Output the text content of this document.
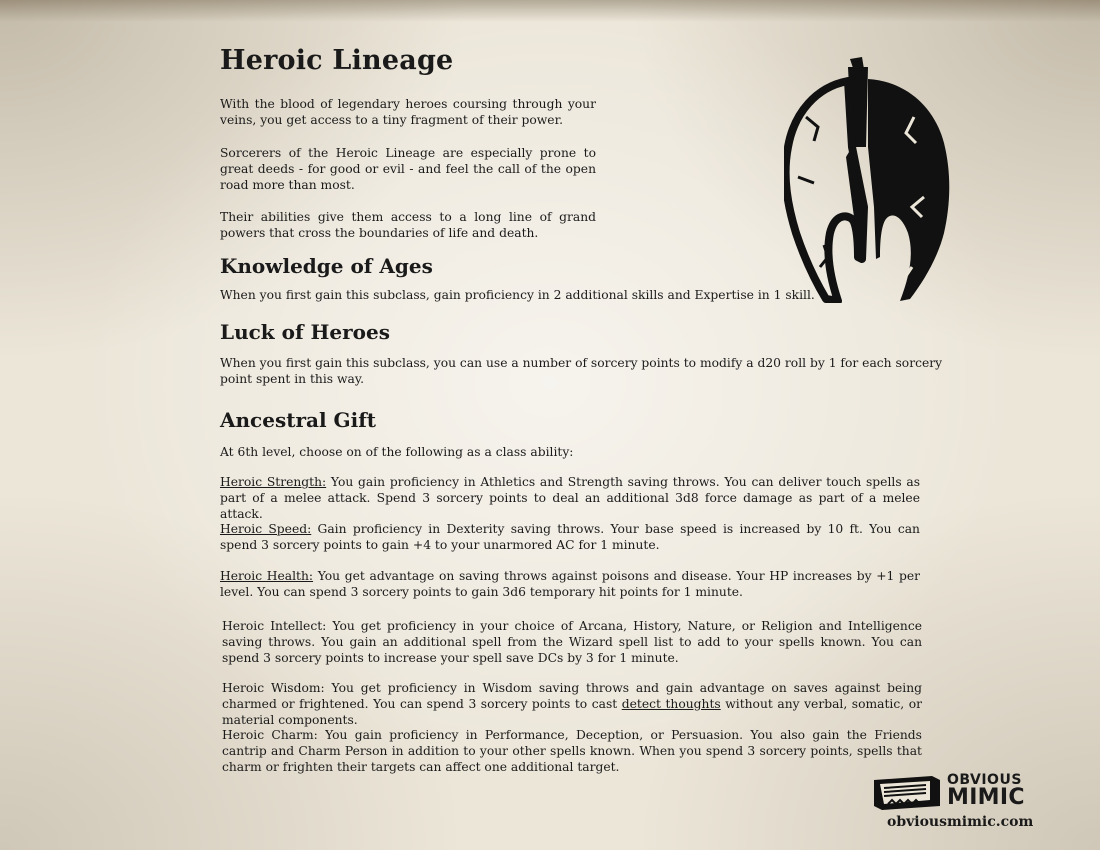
Heroic Lineage

With the blood of legendary heroes coursing through your veins, you get access to a tiny fragment of their power.

Sorcerers of the Heroic Lineage are especially prone to great deeds - for good or evil - and feel the call of the open road more than most.

Their abilities give them access to a long line of grand powers that cross the boundaries of life and death.

Knowledge of Ages

When you first gain this subclass, gain proficiency in 2 additional skills and Expertise in 1 skill.

Luck of Heroes

When you first gain this subclass, you can use a number of sorcery points to modify a d20 roll by 1 for each sorcery point spent in this way.

Ancestral Gift

At 6th level, choose on of the following as a class ability:

Heroic Strength: You gain proficiency in Athletics and Strength saving throws. You can deliver touch spells as part of a melee attack. Spend 3 sorcery points to deal an additional 3d8 force damage as part of a melee attack.

Heroic Speed: Gain proficiency in Dexterity saving throws. Your base speed is increased by 10 ft. You can spend 3 sorcery points to gain +4 to your unarmored AC for 1 minute.

Heroic Health: You get advantage on saving throws against poisons and disease. Your HP increases by +1 per level. You can spend 3 sorcery points to gain 3d6 temporary hit points for 1 minute.

Heroic Intellect: You get proficiency in your choice of Arcana, History, Nature, or Religion and Intelligence saving throws. You gain an additional spell from the Wizard spell list to add to your spells known. You can spend 3 sorcery points to increase your spell save DCs by 3 for 1 minute.

Heroic Wisdom: You get proficiency in Wisdom saving throws and gain advantage on saves against being charmed or frightened. You can spend 3 sorcery points to cast detect thoughts without any verbal, somatic, or material components.

Heroic Charm: You gain proficiency in Performance, Deception, or Persuasion. You also gain the Friends cantrip and Charm Person in addition to your other spells known. When you spend 3 sorcery points, spells that charm or frighten their targets can affect one additional target.

OBVIOUS
MIMIC
obviousmimic.com
